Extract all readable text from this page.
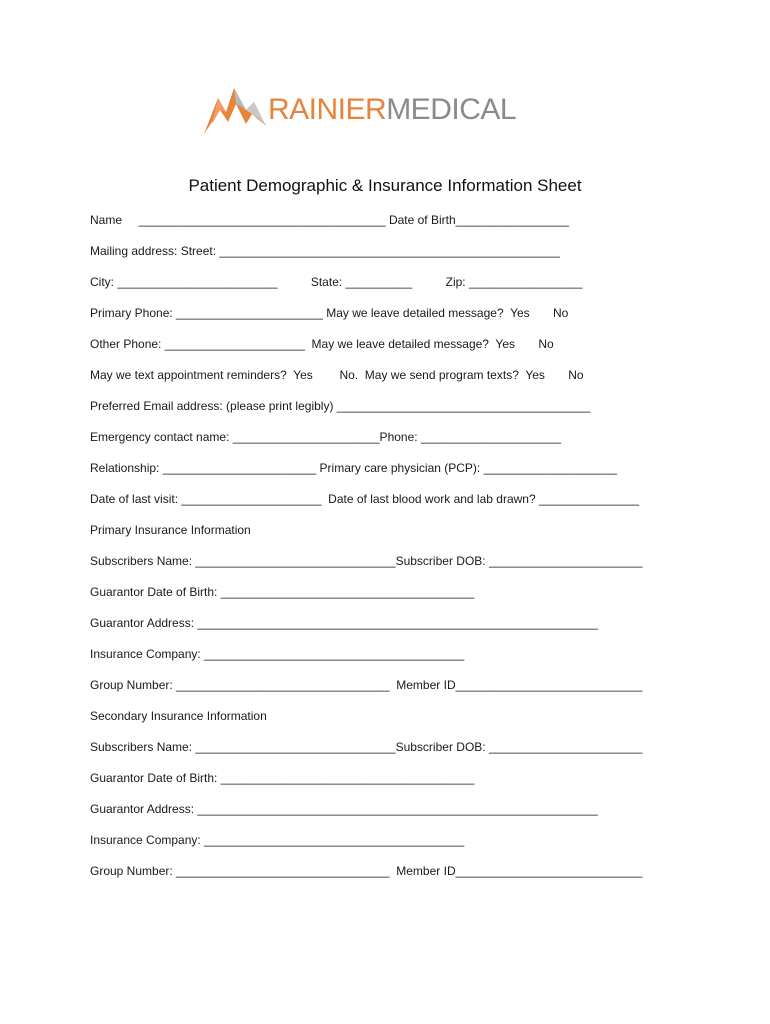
RAINIERMEDICAL
Patient Demographic & Insurance Information Sheet
Name     _____________________________________ Date of Birth_________________
Mailing address: Street: ___________________________________________________
City: ________________________          State: __________          Zip: _________________
Primary Phone: ______________________ May we leave detailed message?  Yes       No
Other Phone: _____________________  May we leave detailed message?  Yes       No
May we text appointment reminders?  Yes        No.  May we send program texts?  Yes       No
Preferred Email address: (please print legibly) ______________________________________
Emergency contact name: ______________________Phone: _____________________
Relationship: _______________________ Primary care physician (PCP): ____________________
Date of last visit: _____________________  Date of last blood work and lab drawn? _______________
Primary Insurance Information
Subscribers Name: ______________________________Subscriber DOB: _______________________
Guarantor Date of Birth: ______________________________________
Guarantor Address: ____________________________________________________________
Insurance Company: _______________________________________
Group Number: ________________________________  Member ID____________________________
Secondary Insurance Information
Subscribers Name: ______________________________Subscriber DOB: _______________________
Guarantor Date of Birth: ______________________________________
Guarantor Address: ____________________________________________________________
Insurance Company: _______________________________________
Group Number: ________________________________  Member ID____________________________
